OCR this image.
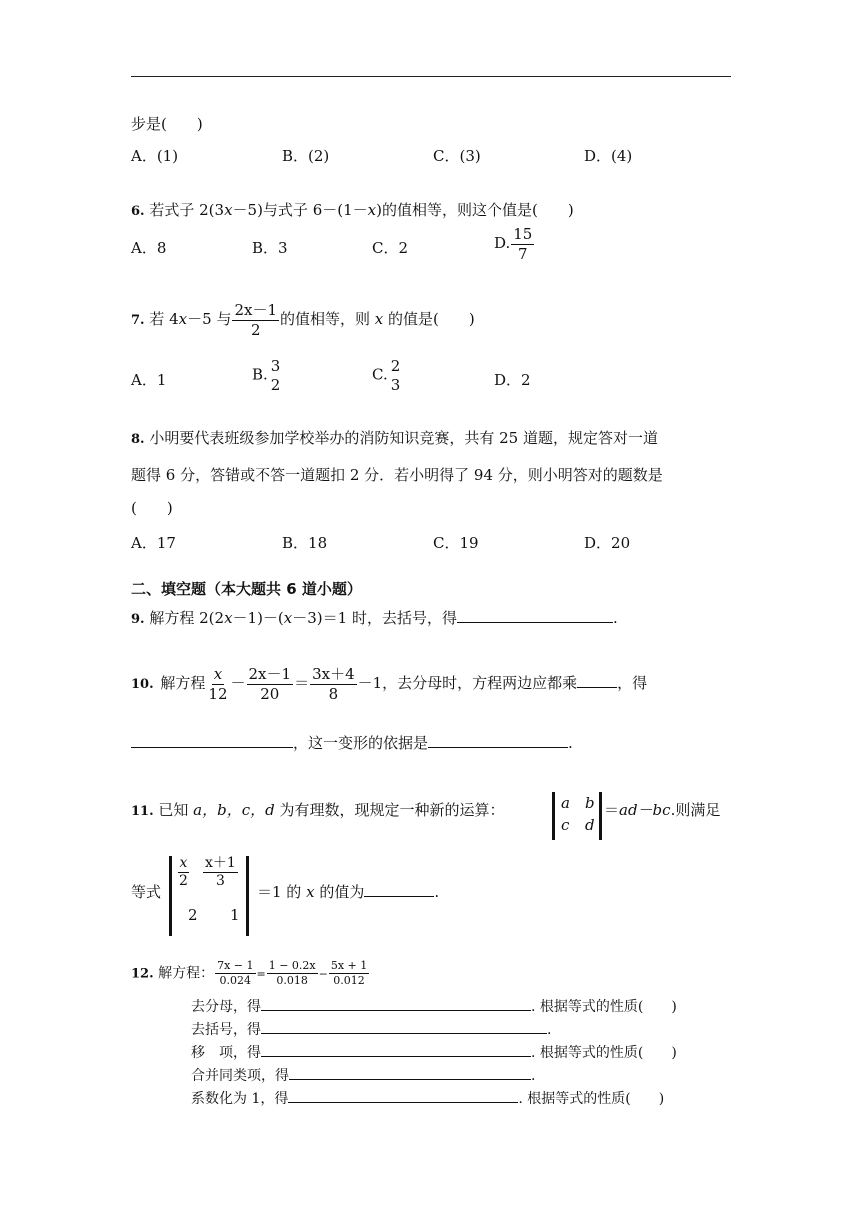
步是(　　)
A．(1)	B．(2)	C．(3)	D．(4)
6. 若式子 2(3x－5)与式子 6－(1－x)的值相等，则这个值是(　　)
A．8	B．3	C．2	D. $\frac{15}{7}$
7. 若 4x－5 与 $\frac{2x-1}{2}$ 的值相等，则 x 的值是(　　)
A．1	B. 3
2
C. 2
3	D．2
8. 小明要代表班级参加学校举办的消防知识竞赛，共有 25 道题，规定答对一道
题得 6 分，答错或不答一道题扣 2 分．若小明得了 94 分，则小明答对的题数是
(　　)
A．17	B．18	C．19	D．20
二、填空题（本大题共 6 道小题）
9. 解方程 2(2x－1)－(x－3)＝1 时，去括号，得	.
10. 解方程 $\frac{x}{12} - \frac{2x-1}{20} = \frac{3x+4}{8} -1$，去分母时，方程两边应都乘	，得
，这一变形的依据是	.
11. 已知 a，b，c，d 为有理数，现规定一种新的运算：	a b
c d
＝ad－bc.则满足
等式
$\frac{x}{2} \frac{x+1}{3}$
2 1
＝1 的 x 的值为	.
12. 解方程： $\frac{7x - 1}{0.024} = \frac{1 - 0.2x}{0.018} - \frac{5x + 1}{0.012}$
去分母，得	. 根据等式的性质(　　)
去括号，得	.
移　项，得	. 根据等式的性质(　　)
合并同类项，得	.
系数化为 1，得	. 根据等式的性质(　　)
